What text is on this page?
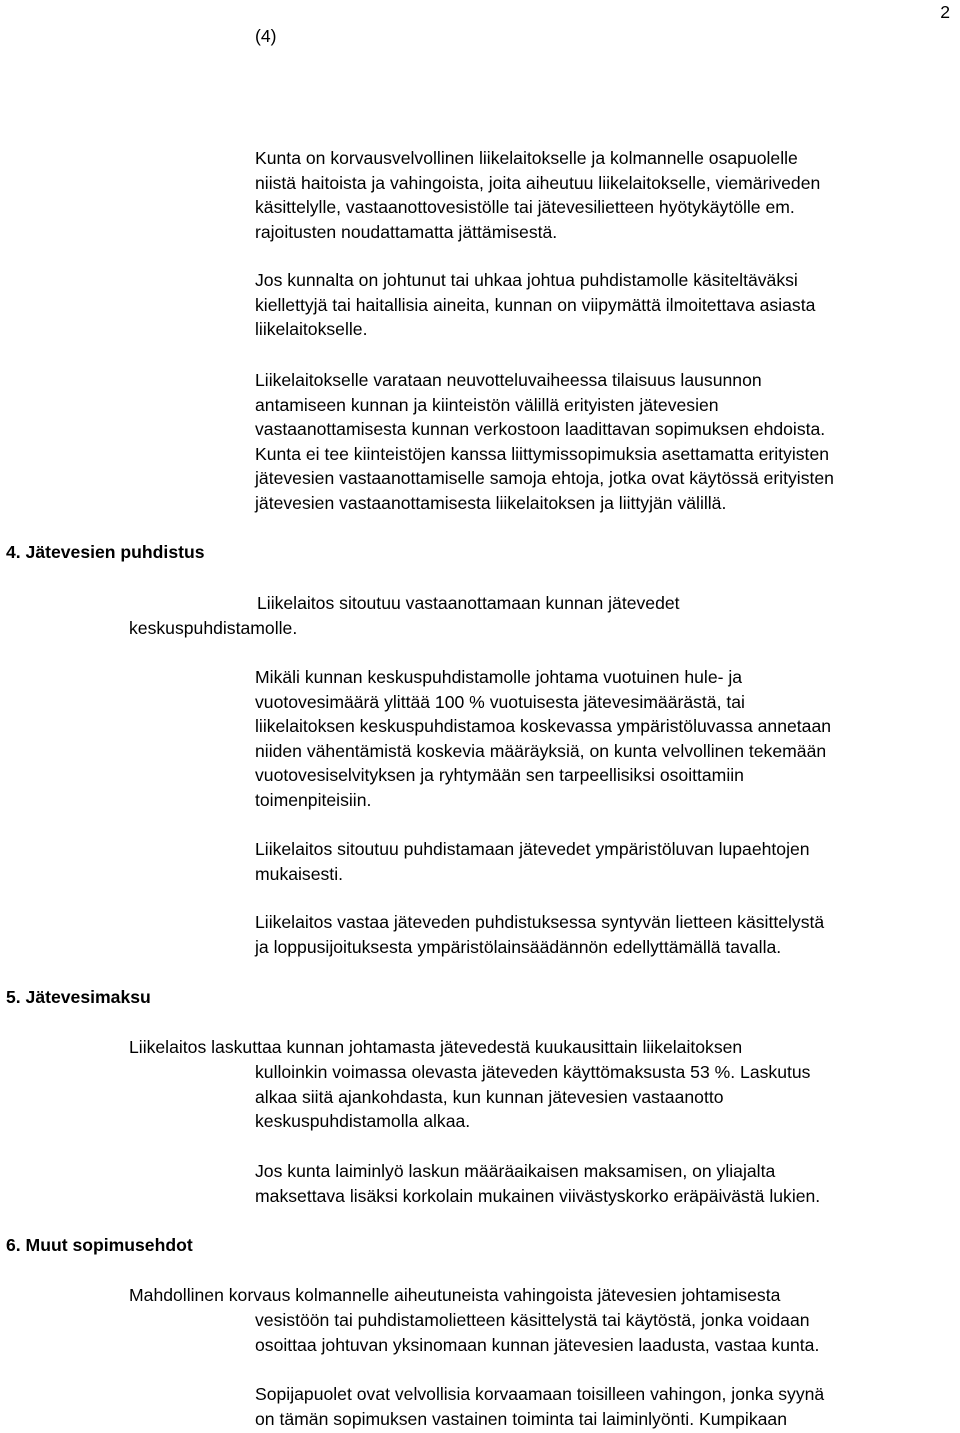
(4)

2

Kunta on korvausvelvollinen liikelaitokselle ja kolmannelle osapuolelle
niistä haitoista ja vahingoista, joita aiheutuu liikelaitokselle, viemäriveden
käsittelylle, vastaanottovesistölle tai jätevesilietteen hyötykäytölle em.
rajoitusten noudattamatta jättämisestä.
Jos kunnalta on johtunut tai uhkaa johtua puhdistamolle käsiteltäväksi
kiellettyjä tai haitallisia aineita, kunnan on viipymättä ilmoitettava asiasta
liikelaitokselle.
Liikelaitokselle varataan neuvotteluvaiheessa tilaisuus lausunnon
antamiseen kunnan ja kiinteistön välillä erityisten jätevesien
vastaanottamisesta kunnan verkostoon laadittavan sopimuksen ehdoista.
Kunta ei tee kiinteistöjen kanssa liittymissopimuksia asettamatta erityisten
jätevesien vastaanottamiselle samoja ehtoja, jotka ovat käytössä erityisten
jätevesien vastaanottamisesta liikelaitoksen ja liittyjän välillä.

4. Jätevesien puhdistus

Liikelaitos sitoutuu vastaanottamaan kunnan jätevedet

keskuspuhdistamolle.

Mikäli kunnan keskuspuhdistamolle johtama vuotuinen hule- ja
vuotovesimäärä ylittää 100 % vuotuisesta jätevesimäärästä, tai
liikelaitoksen keskuspuhdistamoa koskevassa ympäristöluvassa annetaan
niiden vähentämistä koskevia määräyksiä, on kunta velvollinen tekemään
vuotovesiselvityksen ja ryhtymään sen tarpeellisiksi osoittamiin
toimenpiteisiin.
Liikelaitos sitoutuu puhdistamaan jätevedet ympäristöluvan lupaehtojen
mukaisesti.
Liikelaitos vastaa jäteveden puhdistuksessa syntyvän lietteen käsittelystä
ja loppusijoituksesta ympäristölainsäädännön edellyttämällä tavalla.

5. Jätevesimaksu

Liikelaitos laskuttaa kunnan johtamasta jätevedestä kuukausittain liikelaitoksen

kulloinkin voimassa olevasta jäteveden käyttömaksusta 53 %. Laskutus
alkaa siitä ajankohdasta, kun kunnan jätevesien vastaanotto
keskuspuhdistamolla alkaa.
Jos kunta laiminlyö laskun määräaikaisen maksamisen, on yliajalta
maksettava lisäksi korkolain mukainen viivästyskorko eräpäivästä lukien.

6. Muut sopimusehdot

Mahdollinen korvaus kolmannelle aiheutuneista vahingoista jätevesien johtamisesta

vesistöön tai puhdistamolietteen käsittelystä tai käytöstä, jonka voidaan
osoittaa johtuvan yksinomaan kunnan jätevesien laadusta, vastaa kunta.
Sopijapuolet ovat velvollisia korvaamaan toisilleen vahingon, jonka syynä
on tämän sopimuksen vastainen toiminta tai laiminlyönti. Kumpikaan
